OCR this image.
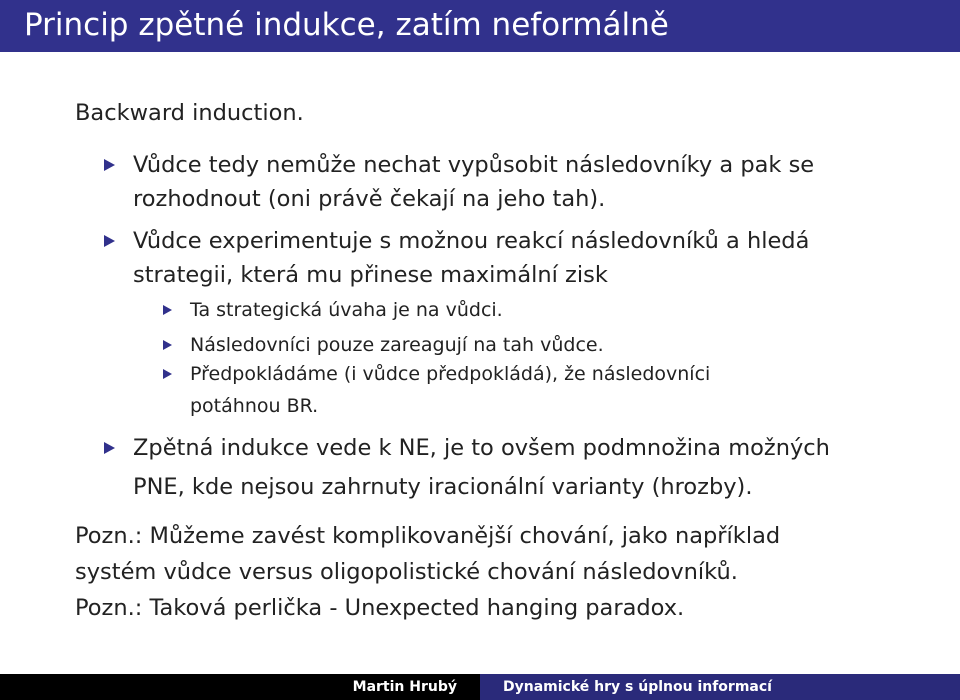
Princip zpětné indukce, zatím neformálně
Backward induction.
Vůdce tedy nemůže nechat vypůsobit následovníky a pak se
rozhodnout (oni právě čekají na jeho tah).
Vůdce experimentuje s možnou reakcí následovníků a hledá
strategii, která mu přinese maximální zisk
Ta strategická úvaha je na vůdci.
Následovníci pouze zareagují na tah vůdce.
Předpokládáme (i vůdce předpokládá), že následovníci
potáhnou BR.
Zpětná indukce vede k NE, je to ovšem podmnožina možných
PNE, kde nejsou zahrnuty iracionální varianty (hrozby).
Pozn.: Můžeme zavést komplikovanější chování, jako například
systém vůdce versus oligopolistické chování následovníků.
Pozn.: Taková perlička - Unexpected hanging paradox.
Martin Hrubý	Dynamické hry s úplnou informací
